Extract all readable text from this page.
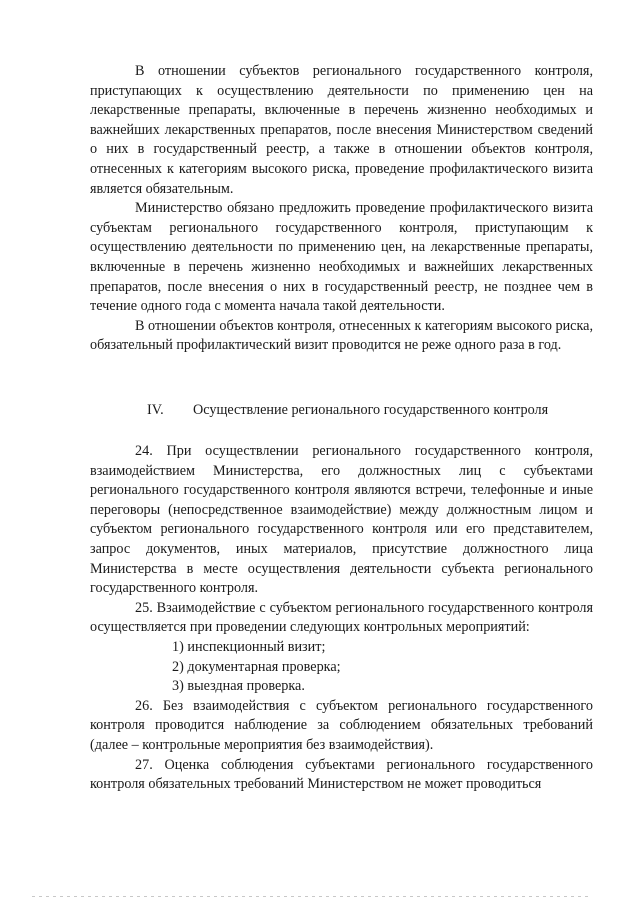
В отношении субъектов регионального государственного контроля, приступающих к осуществлению деятельности по применению цен на лекарственные препараты, включенные в перечень жизненно необходимых и важнейших лекарственных препаратов, после внесения Министерством сведений о них в государственный реестр, а также в отношении объектов контроля, отнесенных к категориям высокого риска, проведение профилактического визита является обязательным.

Министерство обязано предложить проведение профилактического визита субъектам регионального государственного контроля, приступающим к осуществлению деятельности по применению цен, на лекарственные препараты, включенные в перечень жизненно необходимых и важнейших лекарственных препаратов, после внесения о них в государственный реестр, не позднее чем в течение одного года с момента начала такой деятельности.

В отношении объектов контроля, отнесенных к категориям высокого риска, обязательный профилактический визит проводится не реже одного раза в год.

IV. Осуществление регионального государственного контроля

24. При осуществлении регионального государственного контроля, взаимодействием Министерства, его должностных лиц с субъектами регионального государственного контроля являются встречи, телефонные и иные переговоры (непосредственное взаимодействие) между должностным лицом и субъектом регионального государственного контроля или его представителем, запрос документов, иных материалов, присутствие должностного лица Министерства в месте осуществления деятельности субъекта регионального государственного контроля.

25. Взаимодействие с субъектом регионального государственного контроля осуществляется при проведении следующих контрольных мероприятий:

1) инспекционный визит;

2) документарная проверка;

3) выездная проверка.

26. Без взаимодействия с субъектом регионального государственного контроля проводится наблюдение за соблюдением обязательных требований (далее – контрольные мероприятия без взаимодействия).

27. Оценка соблюдения субъектами регионального государственного контроля обязательных требований Министерством не может проводиться
